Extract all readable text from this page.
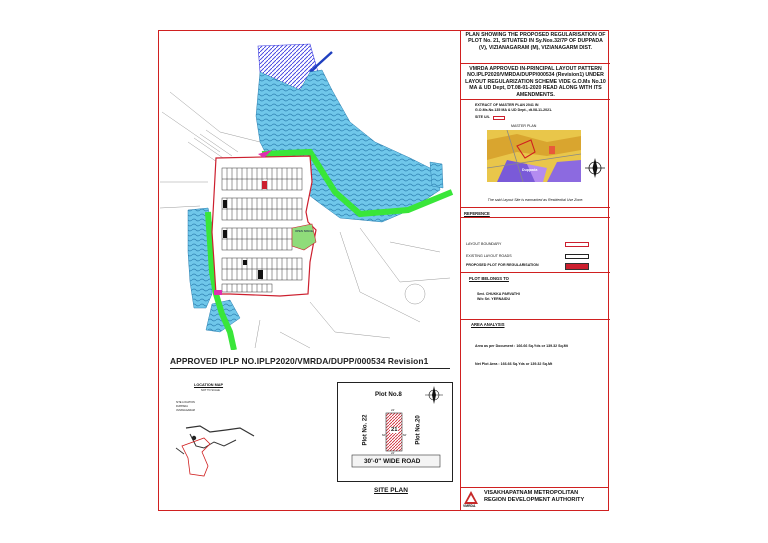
OPEN SPACE
21
APPROVED IPLP NO.IPLP2020/VMRDA/DUPP/000534 Revision1
LOCATION MAP
NOT TO SCALE
SITE LOCATION
DUPPADA
VIZIANAGARAM
Plot No.8
Plot No. 22	Plot No.20
21
30'-0" WIDE ROAD
24'
62'
24'
62'
SITE PLAN
PLAN SHOWING THE PROPOSED REGULARISATION OF PLOT No. 21, SITUATED IN Sy.Nos.32/7P OF DUPPADA (V), VIZIANAGARAM (M), VIZIANAGARM DIST.
VMRDA APPROVED IN-PRINCIPAL LAYOUT PATTERN NO.IPLP2020/VMRDA/DUPP/000534 (Revision1) UNDER LAYOUT REGULARIZATION SCHEME VIDE G.O.Ms No.10 MA & UD Dept, DT.08-01-2020 READ ALONG WITH ITS AMENDMENTS.
EXTRACT OF MASTER PLAN 2041 IN
G.O.Ms.No.135 MA & UD Dept., dt.08-11-2021.
SITE U/L
MASTER PLAN
Duppada
The said Layout Site is earmarked as Residential Use Zone.
REFERENCE
LAYOUT BOUNDARY
EXISTING LAYOUT ROADS
PROPOSED PLOT FOR REGULARISATION
PLOT BELONGS TO
Smt. CHUKKA PARVATHI
W/o Sri. YERNAIDU
AREA ANALYSIS
Area as per Document : 166.66 Sq.Yds or 139.32 Sq.Mt
Net Plot Area : 166.66 Sq.Yds or 139.32 Sq.Mt
VMRDA
VISAKHAPATNAM METROPOLITAN
REGION DEVELOPMENT AUTHORITY
